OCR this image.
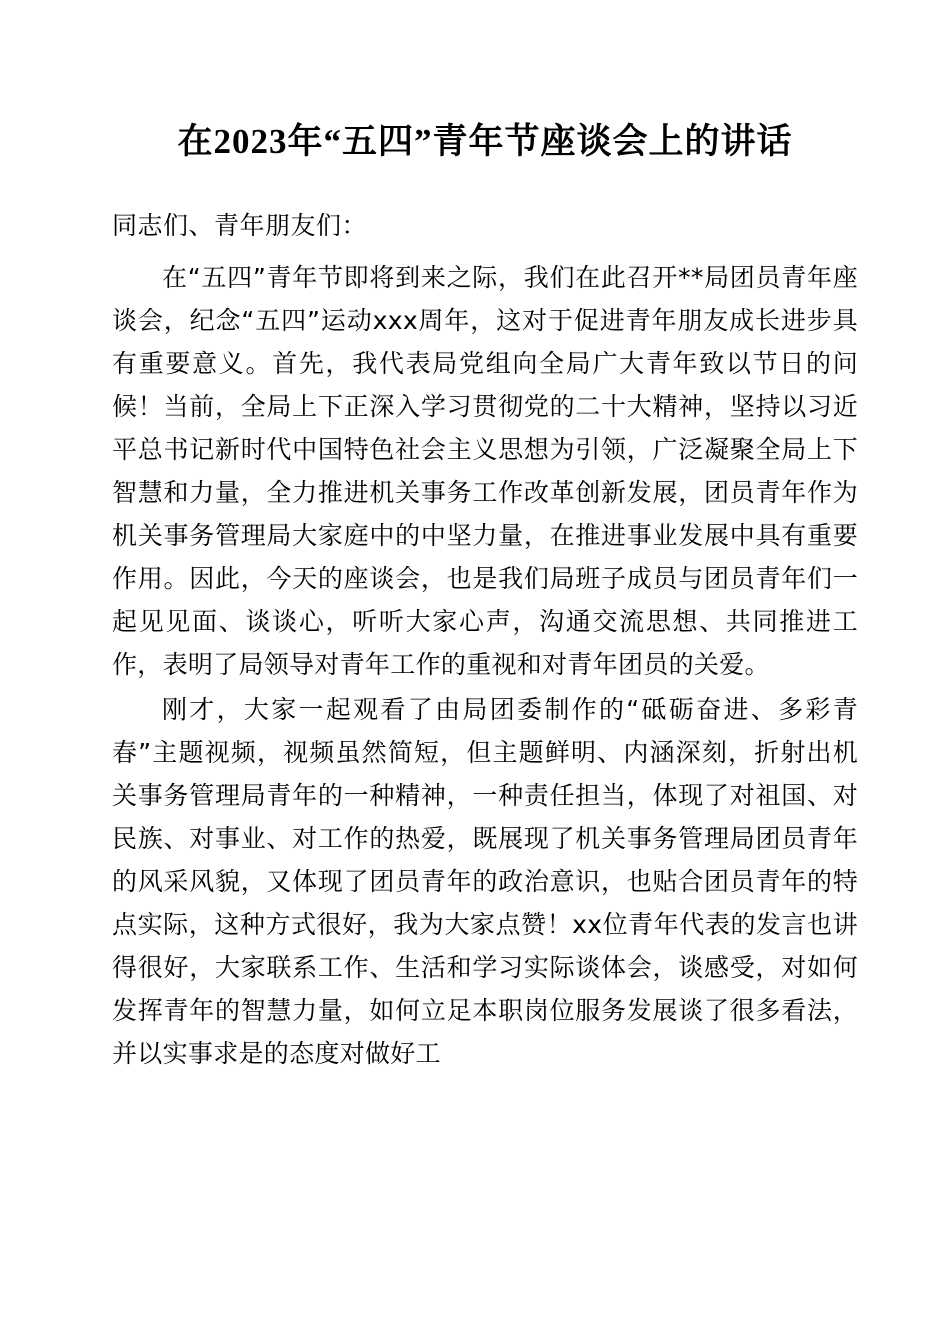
在2023年“五四”青年节座谈会上的讲话

同志们、青年朋友们：

在“五四”青年节即将到来之际，我们在此召开**局团员青年座谈会，纪念“五四”运动xxx周年，这对于促进青年朋友成长进步具有重要意义。首先，我代表局党组向全局广大青年致以节日的问候！当前，全局上下正深入学习贯彻党的二十大精神，坚持以习近平总书记新时代中国特色社会主义思想为引领，广泛凝聚全局上下智慧和力量，全力推进机关事务工作改革创新发展，团员青年作为机关事务管理局大家庭中的中坚力量，在推进事业发展中具有重要作用。因此，今天的座谈会，也是我们局班子成员与团员青年们一起见见面、谈谈心，听听大家心声，沟通交流思想、共同推进工作，表明了局领导对青年工作的重视和对青年团员的关爱。

刚才，大家一起观看了由局团委制作的“砥砺奋进、多彩青春”主题视频，视频虽然简短，但主题鲜明、内涵深刻，折射出机关事务管理局青年的一种精神，一种责任担当，体现了对祖国、对民族、对事业、对工作的热爱，既展现了机关事务管理局团员青年的风采风貌，又体现了团员青年的政治意识，也贴合团员青年的特点实际，这种方式很好，我为大家点赞！xx位青年代表的发言也讲得很好，大家联系工作、生活和学习实际谈体会，谈感受，对如何发挥青年的智慧力量，如何立足本职岗位服务发展谈了很多看法，并以实事求是的态度对做好工
